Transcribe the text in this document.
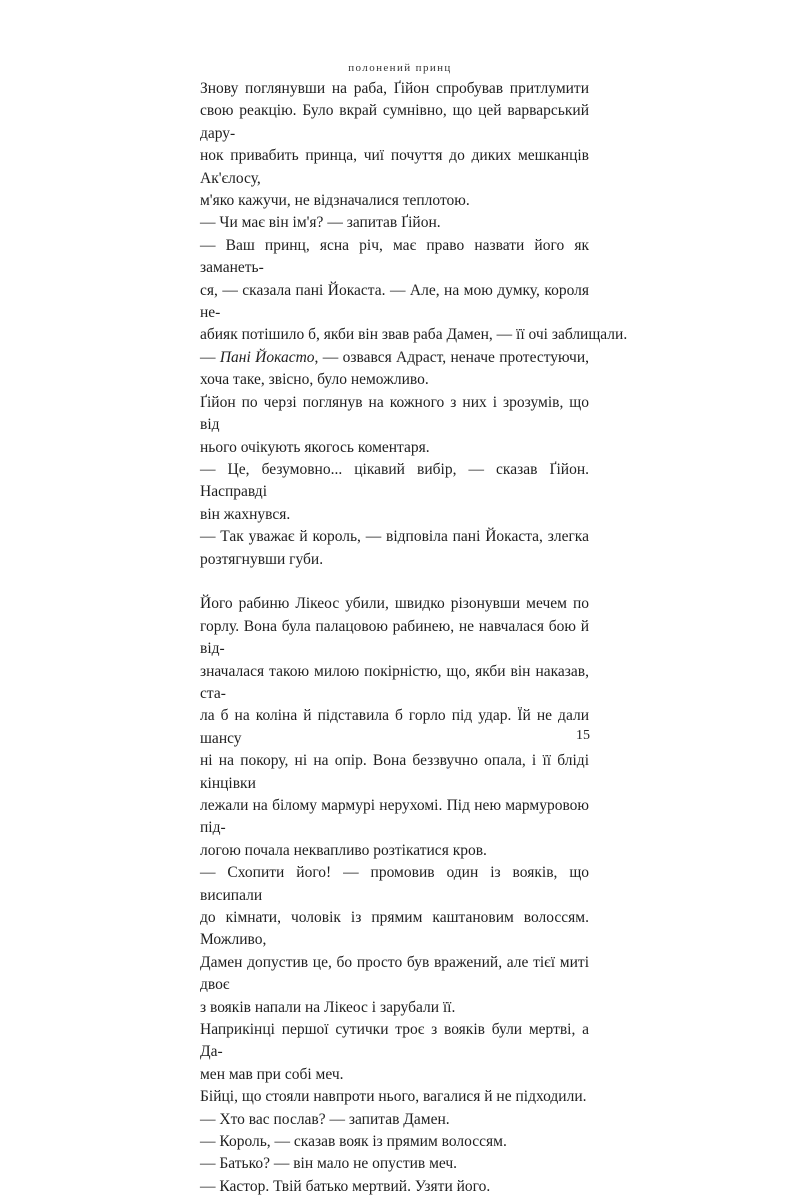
полонений принц

Знову поглянувши на раба, Ґійон спробував притлумити
свою реакцію. Було вкрай сумнівно, що цей варварський дару-
нок привабить принца, чиї почуття до диких мешканців Ак'єлосу,
м'яко кажучи, не відзначалися теплотою.

— Чи має він ім'я? — запитав Ґійон.

— Ваш принц, ясна річ, має право назвати його як заманеть-
ся, — сказала пані Йокаста. — Але, на мою думку, короля не-
абияк потішило б, якби він звав раба Дамен, — її очі заблищали.

— Пані Йокасто, — озвався Адраст, неначе протестуючи,
хоча таке, звісно, було неможливо.

Ґійон по черзі поглянув на кожного з них і зрозумів, що від
нього очікують якогось коментаря.

— Це, безумовно... цікавий вибір, — сказав Ґійон. Насправді
він жахнувся.

— Так уважає й король, — відповіла пані Йокаста, злегка
розтягнувши губи.

Його рабиню Лікеос убили, швидко різонувши мечем по
горлу. Вона була палацовою рабинею, не навчалася бою й від-
значалася такою милою покірністю, що, якби він наказав, ста-
ла б на коліна й підставила б горло під удар. Їй не дали шансу
ні на покору, ні на опір. Вона беззвучно опала, і її бліді кінцівки
лежали на білому мармурі нерухомі. Під нею мармуровою під-
логою почала неквапливо розтікатися кров.

— Схопити його! — промовив один із вояків, що висипали
до кімнати, чоловік із прямим каштановим волоссям. Можливо,
Дамен допустив це, бо просто був вражений, але тієї миті двоє
з вояків напали на Лікеос і зарубали її.

Наприкінці першої сутички троє з вояків були мертві, а Да-
мен мав при собі меч.

Бійці, що стояли навпроти нього, вагалися й не підходили.

— Хто вас послав? — запитав Дамен.

— Король, — сказав вояк із прямим волоссям.

— Батько? — він мало не опустив меч.

— Кастор. Твій батько мертвий. Узяти його.

15
